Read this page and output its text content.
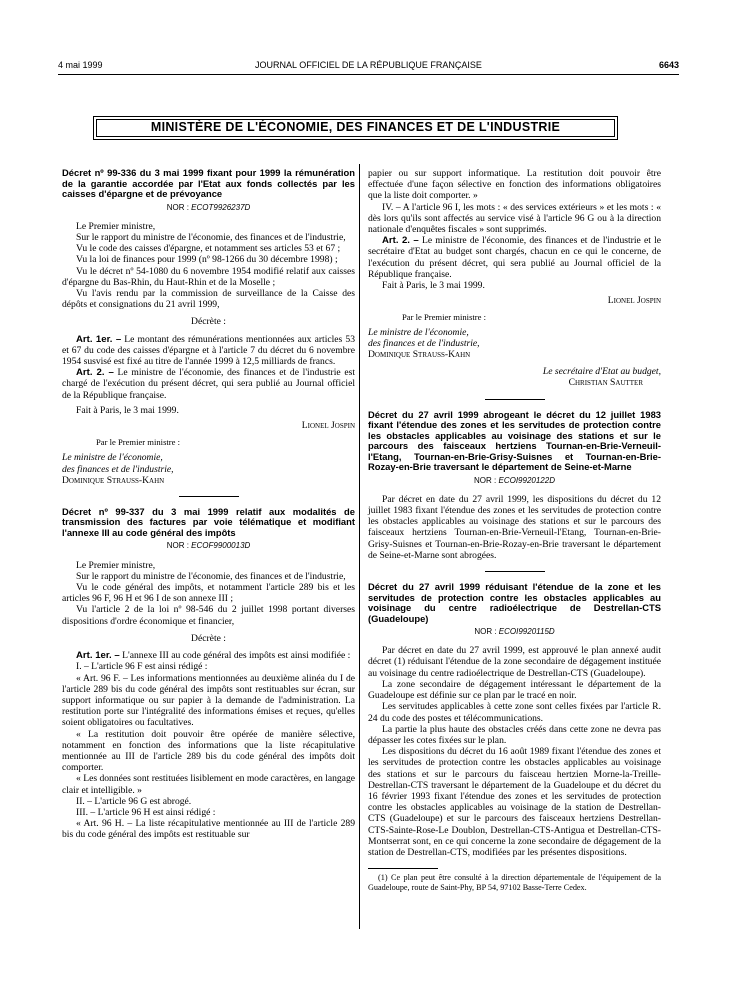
4 mai 1999	JOURNAL OFFICIEL DE LA RÉPUBLIQUE FRANÇAISE	6643
MINISTÈRE DE L'ÉCONOMIE, DES FINANCES ET DE L'INDUSTRIE
Décret nº 99-336 du 3 mai 1999 fixant pour 1999 la rémunération de la garantie accordée par l'Etat aux fonds collectés par les caisses d'épargne et de prévoyance
NOR : ECOT9926237D

Le Premier ministre,

Sur le rapport du ministre de l'économie, des finances et de l'industrie,

Vu le code des caisses d'épargne, et notamment ses articles 53 et 67 ;

Vu la loi de finances pour 1999 (nº 98-1266 du 30 décembre 1998) ;

Vu le décret nº 54-1080 du 6 novembre 1954 modifié relatif aux caisses d'épargne du Bas-Rhin, du Haut-Rhin et de la Moselle ;

Vu l'avis rendu par la commission de surveillance de la Caisse des dépôts et consignations du 21 avril 1999,

Décrète :

Art. 1er. – Le montant des rémunérations mentionnées aux articles 53 et 67 du code des caisses d'épargne et à l'article 7 du décret du 6 novembre 1954 susvisé est fixé au titre de l'année 1999 à 12,5 milliards de francs.

Art. 2. – Le ministre de l'économie, des finances et de l'industrie est chargé de l'exécution du présent décret, qui sera publié au Journal officiel de la République française.

Fait à Paris, le 3 mai 1999.

Lionel Jospin

Par le Premier ministre :

Le ministre de l'économie,

des finances et de l'industrie,

Dominique Strauss-Kahn

Décret nº 99-337 du 3 mai 1999 relatif aux modalités de transmission des factures par voie télématique et modifiant l'annexe III au code général des impôts
NOR : ECOF9900013D

Le Premier ministre,

Sur le rapport du ministre de l'économie, des finances et de l'industrie,

Vu le code général des impôts, et notamment l'article 289 bis et les articles 96 F, 96 H et 96 I de son annexe III ;

Vu l'article 2 de la loi nº 98-546 du 2 juillet 1998 portant diverses dispositions d'ordre économique et financier,

Décrète :

Art. 1er. – L'annexe III au code général des impôts est ainsi modifiée :

I. – L'article 96 F est ainsi rédigé :

« Art. 96 F. – Les informations mentionnées au deuxième alinéa du I de l'article 289 bis du code général des impôts sont restituables sur écran, sur support informatique ou sur papier à la demande de l'administration. La restitution porte sur l'intégralité des informations émises et reçues, qu'elles soient obligatoires ou facultatives.

« La restitution doit pouvoir être opérée de manière sélective, notamment en fonction des informations que la liste récapitulative mentionnée au III de l'article 289 bis du code général des impôts doit comporter.

« Les données sont restituées lisiblement en mode caractères, en langage clair et intelligible. »

II. – L'article 96 G est abrogé.

III. – L'article 96 H est ainsi rédigé :

« Art. 96 H. – La liste récapitulative mentionnée au III de l'article 289 bis du code général des impôts est restituable sur

papier ou sur support informatique. La restitution doit pouvoir être effectuée d'une façon sélective en fonction des informations obligatoires que la liste doit comporter. »

IV. – A l'article 96 I, les mots : « des services extérieurs » et les mots : « dès lors qu'ils sont affectés au service visé à l'article 96 G ou à la direction nationale d'enquêtes fiscales » sont supprimés.

Art. 2. – Le ministre de l'économie, des finances et de l'industrie et le secrétaire d'Etat au budget sont chargés, chacun en ce qui le concerne, de l'exécution du présent décret, qui sera publié au Journal officiel de la République française.

Fait à Paris, le 3 mai 1999.

Lionel Jospin

Par le Premier ministre :

Le ministre de l'économie,

des finances et de l'industrie,

Dominique Strauss-Kahn

Le secrétaire d'Etat au budget,

Christian Sautter

Décret du 27 avril 1999 abrogeant le décret du 12 juillet 1983 fixant l'étendue des zones et les servitudes de protection contre les obstacles applicables au voisinage des stations et sur le parcours des faisceaux hertziens Tournan-en-Brie-Verneuil-l'Etang, Tournan-en-Brie-Grisy-Suisnes et Tournan-en-Brie-Rozay-en-Brie traversant le département de Seine-et-Marne
NOR : ECOI9920122D

Par décret en date du 27 avril 1999, les dispositions du décret du 12 juillet 1983 fixant l'étendue des zones et les servitudes de protection contre les obstacles applicables au voisinage des stations et sur le parcours des faisceaux hertziens Tournan-en-Brie-Verneuil-l'Etang, Tournan-en-Brie-Grisy-Suisnes et Tournan-en-Brie-Rozay-en-Brie traversant le département de Seine-et-Marne sont abrogées.

Décret du 27 avril 1999 réduisant l'étendue de la zone et les servitudes de protection contre les obstacles applicables au voisinage du centre radioélectrique de Destrellan-CTS (Guadeloupe)
NOR : ECOI9920115D

Par décret en date du 27 avril 1999, est approuvé le plan annexé audit décret (1) réduisant l'étendue de la zone secondaire de dégagement instituée au voisinage du centre radioélectrique de Destrellan-CTS (Guadeloupe).

La zone secondaire de dégagement intéressant le département de la Guadeloupe est définie sur ce plan par le tracé en noir.

Les servitudes applicables à cette zone sont celles fixées par l'article R. 24 du code des postes et télécommunications.

La partie la plus haute des obstacles créés dans cette zone ne devra pas dépasser les cotes fixées sur le plan.

Les dispositions du décret du 16 août 1989 fixant l'étendue des zones et les servitudes de protection contre les obstacles applicables au voisinage des stations et sur le parcours du faisceau hertzien Morne-la-Treille-Destrellan-CTS traversant le département de la Guadeloupe et du décret du 16 février 1993 fixant l'étendue des zones et les servitudes de protection contre les obstacles applicables au voisinage de la station de Destrellan-CTS (Guadeloupe) et sur le parcours des faisceaux hertziens Destrellan-CTS-Sainte-Rose-Le Doublon, Destrellan-CTS-Antigua et Destrellan-CTS-Montserrat sont, en ce qui concerne la zone secondaire de dégagement de la station de Destrellan-CTS, modifiées par les présentes dispositions.

(1) Ce plan peut être consulté à la direction départementale de l'équipement de la Guadeloupe, route de Saint-Phy, BP 54, 97102 Basse-Terre Cedex.
